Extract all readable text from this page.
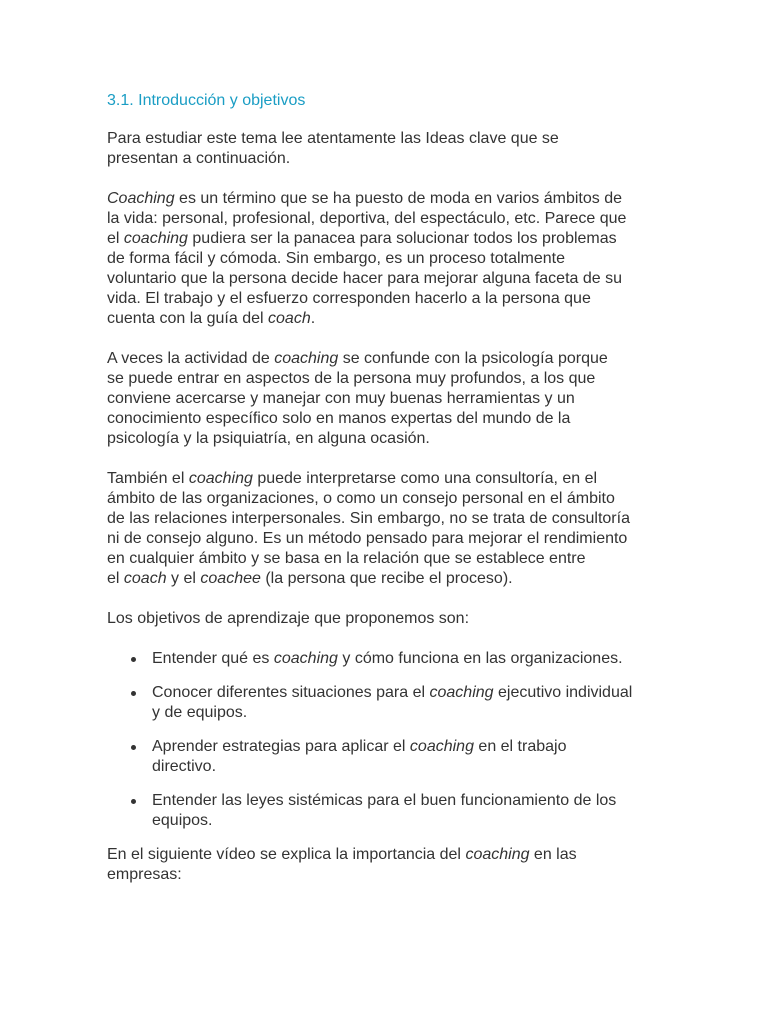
3.1. Introducción y objetivos

Para estudiar este tema lee atentamente las Ideas clave que se
presentan a continuación.

Coaching es un término que se ha puesto de moda en varios ámbitos de
la vida: personal, profesional, deportiva, del espectáculo, etc. Parece que
el coaching pudiera ser la panacea para solucionar todos los problemas
de forma fácil y cómoda. Sin embargo, es un proceso totalmente
voluntario que la persona decide hacer para mejorar alguna faceta de su
vida. El trabajo y el esfuerzo corresponden hacerlo a la persona que
cuenta con la guía del coach.

A veces la actividad de coaching se confunde con la psicología porque
se puede entrar en aspectos de la persona muy profundos, a los que
conviene acercarse y manejar con muy buenas herramientas y un
conocimiento específico solo en manos expertas del mundo de la
psicología y la psiquiatría, en alguna ocasión.

También el coaching puede interpretarse como una consultoría, en el
ámbito de las organizaciones, o como un consejo personal en el ámbito
de las relaciones interpersonales. Sin embargo, no se trata de consultoría
ni de consejo alguno. Es un método pensado para mejorar el rendimiento
en cualquier ámbito y se basa en la relación que se establece entre
el coach y el coachee (la persona que recibe el proceso).

Los objetivos de aprendizaje que proponemos son:

Entender qué es coaching y cómo funciona en las organizaciones.
Conocer diferentes situaciones para el coaching ejecutivo individual
y de equipos.
Aprender estrategias para aplicar el coaching en el trabajo
directivo.
Entender las leyes sistémicas para el buen funcionamiento de los
equipos.

En el siguiente vídeo se explica la importancia del coaching en las
empresas:
